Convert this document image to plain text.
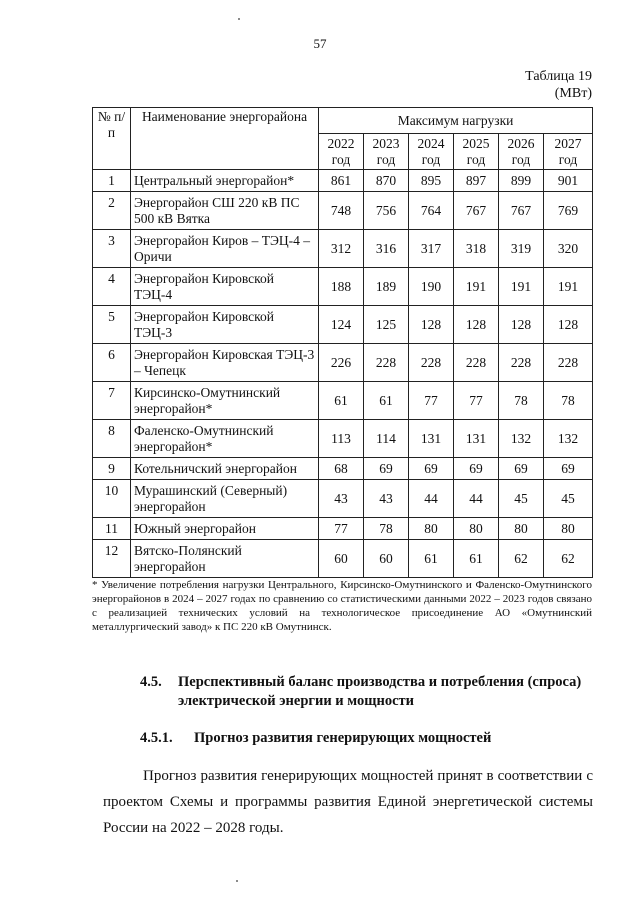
57
Таблица 19
(МВт)
№ п/п	Наименование энергорайона	Максимум нагрузки					
		2022 год	2023 год	2024 год	2025 год	2026 год	2027 год
1	Центральный энергорайон*	861	870	895	897	899	901
2	Энергорайон СШ 220 кВ ПС 500 кВ Вятка	748	756	764	767	767	769
3	Энергорайон Киров – ТЭЦ-4 – Оричи	312	316	317	318	319	320
4	Энергорайон Кировской ТЭЦ-4	188	189	190	191	191	191
5	Энергорайон Кировской ТЭЦ-3	124	125	128	128	128	128
6	Энергорайон Кировская ТЭЦ-3 – Чепецк	226	228	228	228	228	228
7	Кирсинско-Омутнинский энергорайон*	61	61	77	77	78	78
8	Фаленско-Омутнинский энергорайон*	113	114	131	131	132	132
9	Котельничский энергорайон	68	69	69	69	69	69
10	Мурашинский (Северный) энергорайон	43	43	44	44	45	45
11	Южный энергорайон	77	78	80	80	80	80
12	Вятско-Полянский энергорайон	60	60	61	61	62	62
* Увеличение потребления нагрузки Центрального, Кирсинско-Омутнинского и Фаленско-Омутнинского энергорайонов в 2024 – 2027 годах по сравнению со статистическими данными 2022 – 2023 годов связано с реализацией технических условий на технологическое присоединение АО «Омутнинский металлургический завод» к ПС 220 кВ Омутнинск.
4.5. Перспективный баланс производства и потребления (спроса) электрической энергии и мощности
4.5.1. Прогноз развития генерирующих мощностей
Прогноз развития генерирующих мощностей принят в соответствии с проектом Схемы и программы развития Единой энергетической системы России на 2022 – 2028 годы.
